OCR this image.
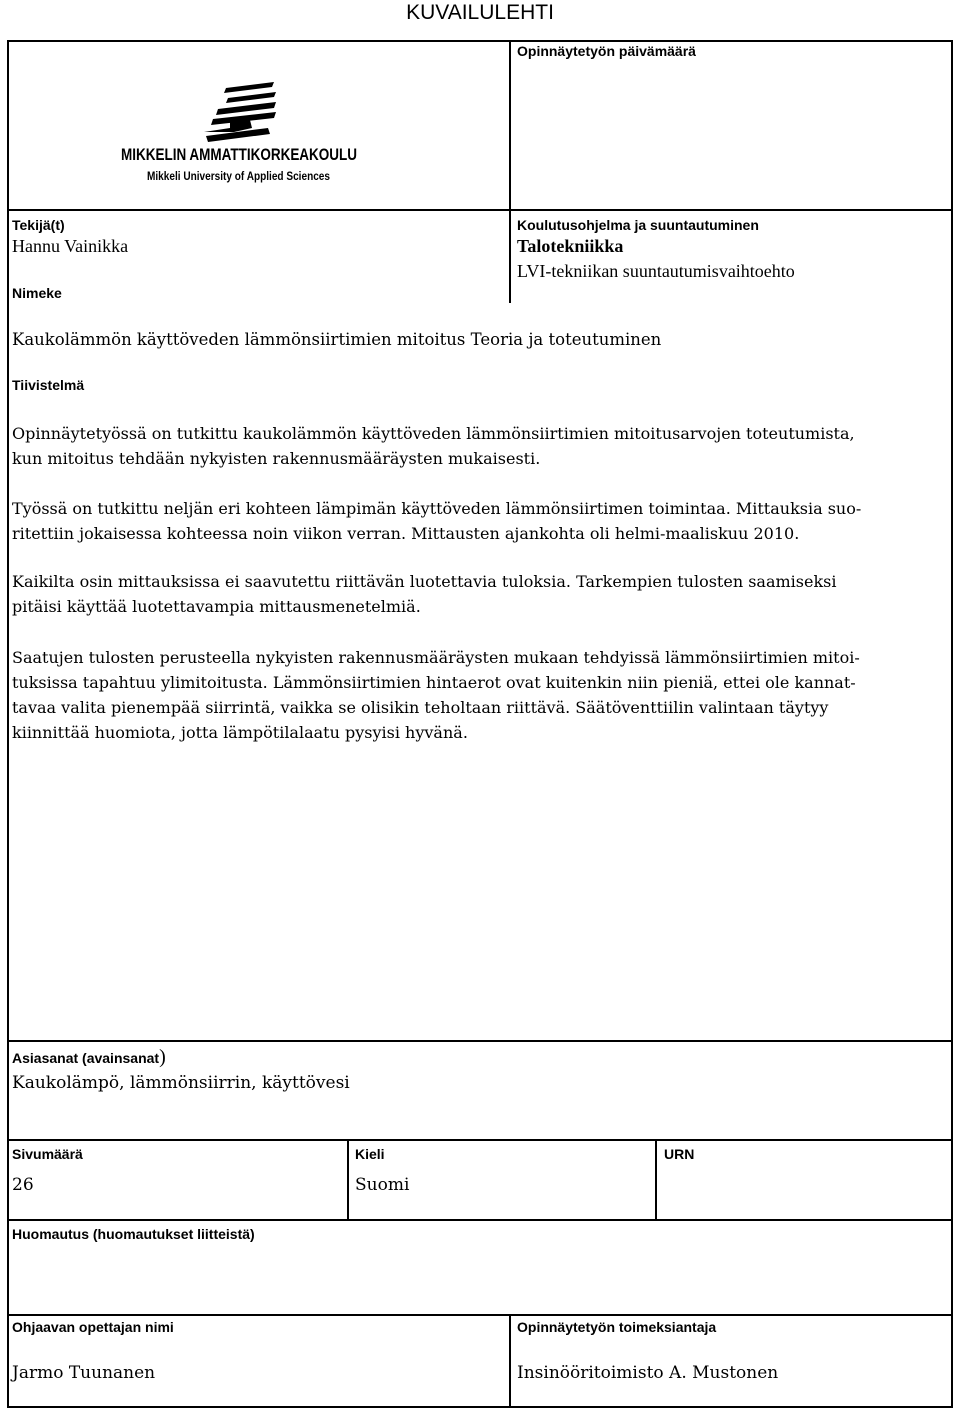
KUVAILULEHTI
Opinnäytetyön päivämäärä
MIKKELIN AMMATTIKORKEAKOULU
Mikkeli University of Applied Sciences
Tekijä(t)
Hannu Vainikka
Koulutusohjelma ja suuntautuminen
Talotekniikka
LVI-tekniikan suuntautumisvaihtoehto
Nimeke
Kaukolämmön käyttöveden lämmönsiirtimien mitoitus Teoria ja toteutuminen
Tiivistelmä
Opinnäytetyössä on tutkittu kaukolämmön käyttöveden lämmönsiirtimien mitoitusarvojen toteutumista,
kun mitoitus tehdään nykyisten rakennusmääräysten mukaisesti.
Työssä on tutkittu neljän eri kohteen lämpimän käyttöveden lämmönsiirtimen toimintaa. Mittauksia suo-
ritettiin jokaisessa kohteessa noin viikon verran. Mittausten ajankohta oli helmi-maaliskuu 2010.
Kaikilta osin mittauksissa ei saavutettu riittävän luotettavia tuloksia. Tarkempien tulosten saamiseksi
pitäisi käyttää luotettavampia mittausmenetelmiä.
Saatujen tulosten perusteella nykyisten rakennusmääräysten mukaan tehdyissä lämmönsiirtimien mitoi-
tuksissa tapahtuu ylimitoitusta. Lämmönsiirtimien hintaerot ovat kuitenkin niin pieniä, ettei ole kannat-
tavaa valita pienempää siirrintä, vaikka se olisikin teholtaan riittävä. Säätöventtiilin valintaan täytyy
kiinnittää huomiota, jotta lämpötilalaatu pysyisi hyvänä.
Asiasanat (avainsanat)
Kaukolämpö, lämmönsiirrin, käyttövesi
Sivumäärä
26
Kieli
Suomi
URN
Huomautus (huomautukset liitteistä)
Ohjaavan opettajan nimi
Jarmo Tuunanen
Opinnäytetyön toimeksiantaja
Insinööritoimisto A. Mustonen
